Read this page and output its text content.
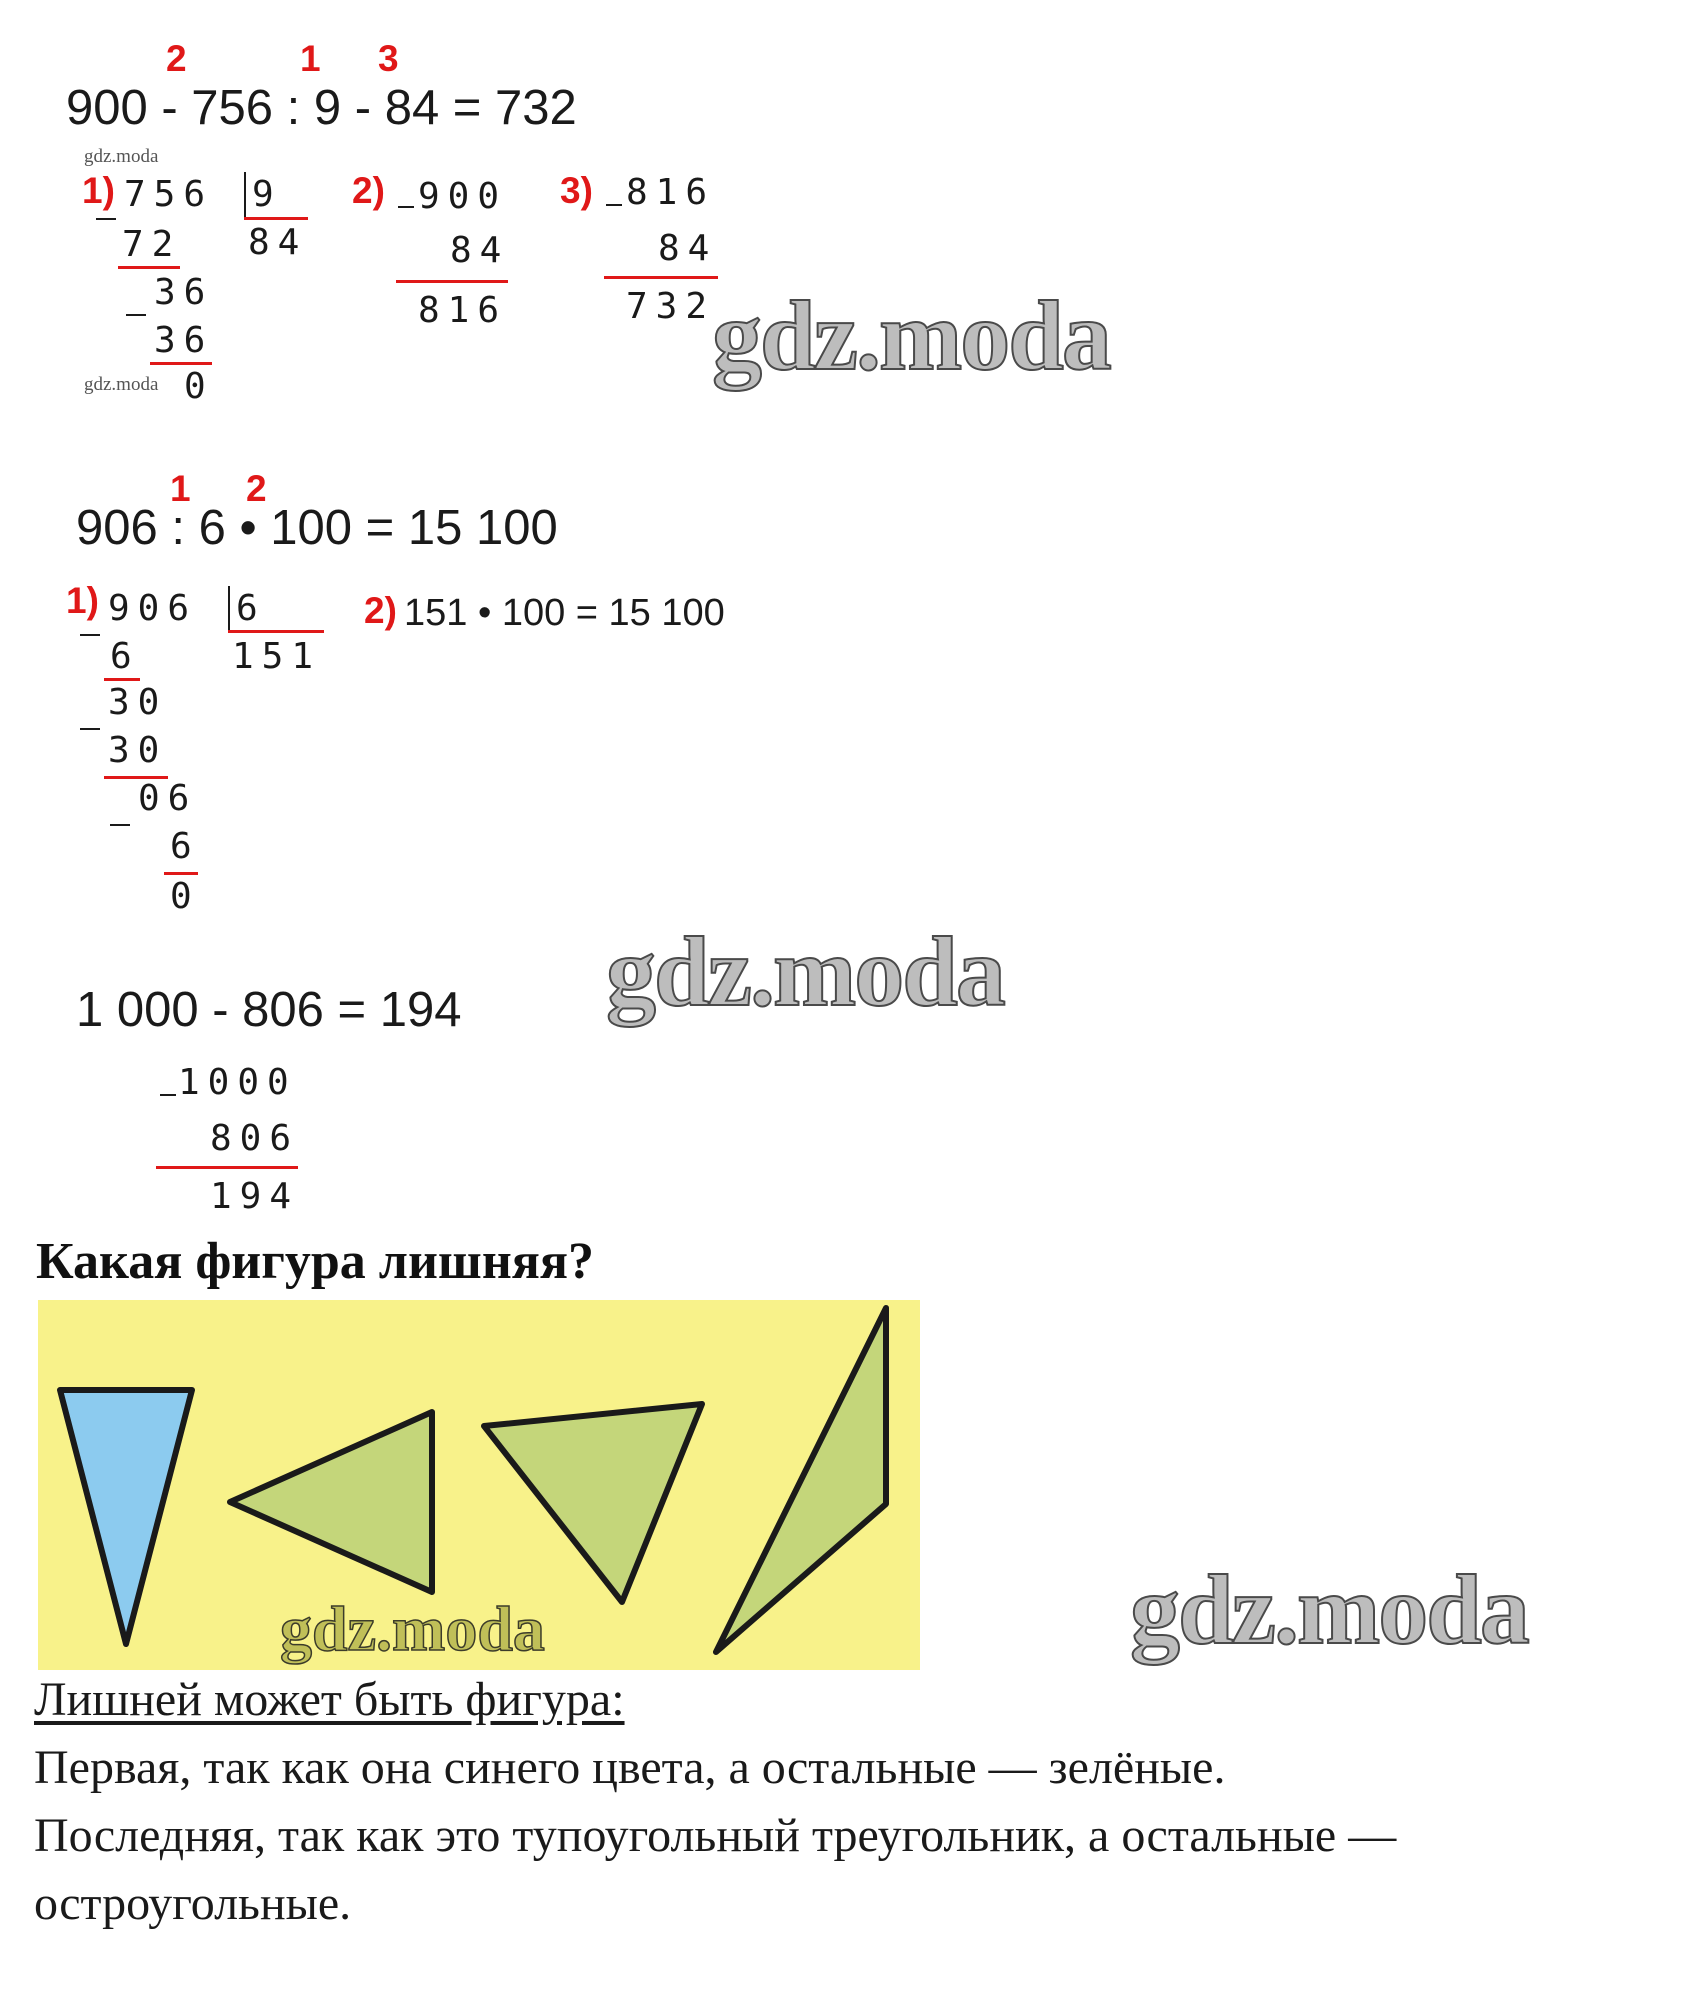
2	1 3
900 - 756 : 9 - 84 = 732
gdz.moda
1) 756 9
84
72
36
36
gdz.moda 0
2) 900
84
816
3) 816
84
732
gdz.moda
1 2
906 : 6 • 100 = 15 100
1) 906 6
151
6
30
30
06
6
0
2) 151 • 100 = 15 100
gdz.moda
1 000 - 806 = 194
1000
806
194
Какая фигура лишняя?
gdz.moda	gdz.moda
Лишней может быть фигура:
Первая, так как она синего цвета, а остальные — зелёные.
Последняя, так как это тупоугольный треугольник, а остальные —
остроугольные.
